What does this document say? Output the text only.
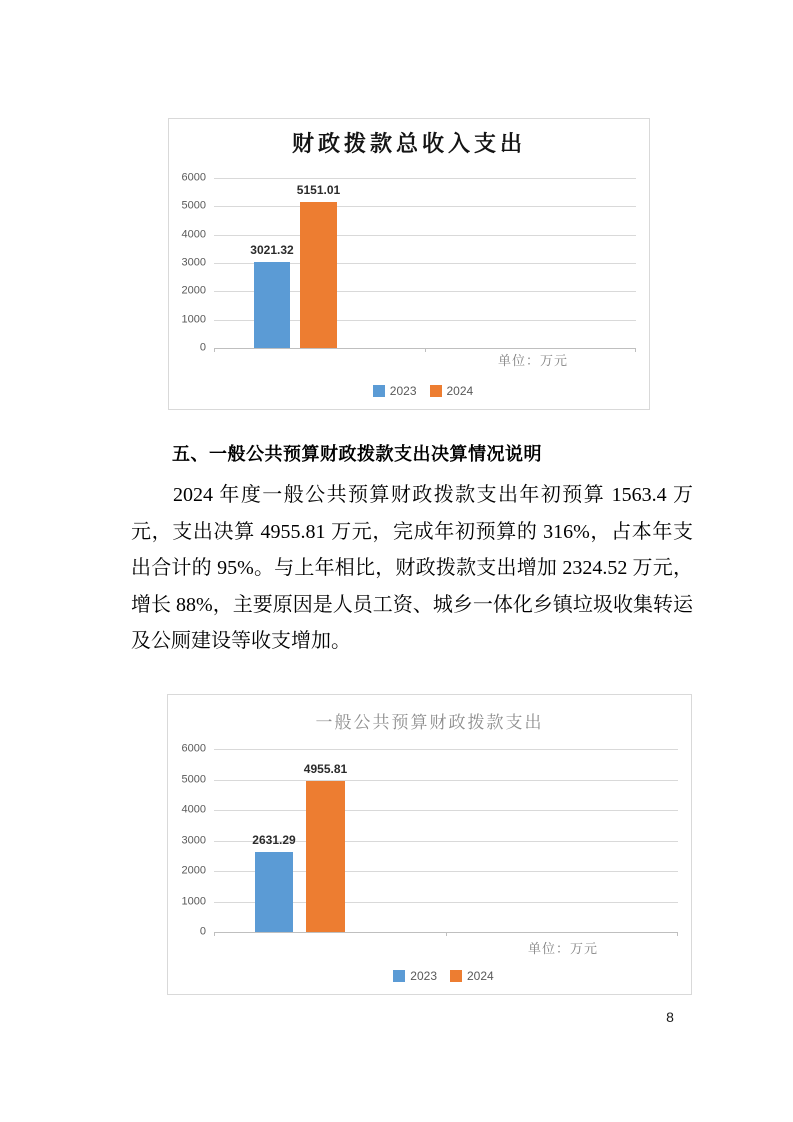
财政拨款总收入支出
6000
5000
4000
3000
2000
1000
0
3021.32
5151.01
单位：万元
2023	2024
五、一般公共预算财政拨款支出决算情况说明
2024 年度一般公共预算财政拨款支出年初预算 1563.4 万元，支出决算 4955.81 万元，完成年初预算的 316%，占本年支出合计的 95%。与上年相比，财政拨款支出增加 2324.52 万元，增长 88%，主要原因是人员工资、城乡一体化乡镇垃圾收集转运及公厕建设等收支增加。
一般公共预算财政拨款支出
6000
5000
4000
3000
2000
1000
0
2631.29
4955.81
单位：万元
2023	2024
8
